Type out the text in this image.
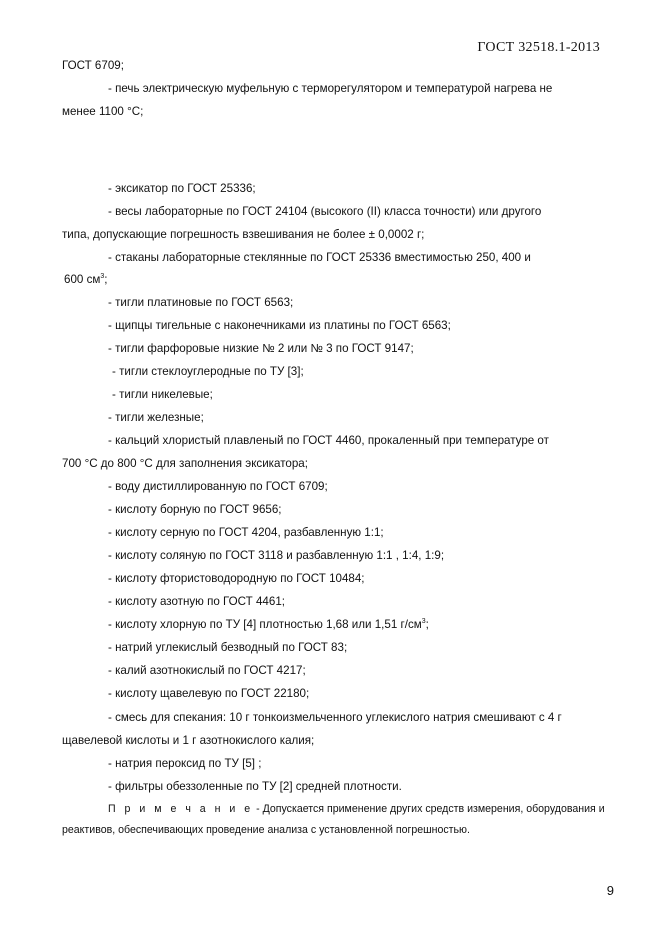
ГОСТ 32518.1-2013
ГОСТ 6709;
- печь электрическую муфельную с терморегулятором и температурой нагрева не
менее 1100 °С;
- эксикатор по ГОСТ 25336;
- весы лабораторные по ГОСТ 24104 (высокого (II) класса точности) или другого
типа, допускающие погрешность взвешивания не более ± 0,0002 г;
- стаканы лабораторные стеклянные по ГОСТ 25336 вместимостью 250, 400 и
600 $см^3$;
- тигли платиновые по ГОСТ 6563;
- щипцы тигельные с наконечниками из платины по ГОСТ 6563;
- тигли фарфоровые низкие № 2 или № 3 по ГОСТ 9147;
- тигли стеклоуглеродные по ТУ [3];
- тигли никелевые;
- тигли железные;
- кальций хлористый плавленый по ГОСТ 4460, прокаленный при температуре от
700 °С до 800 °С для заполнения эксикатора;
- воду дистиллированную по ГОСТ 6709;
- кислоту борную по ГОСТ 9656;
- кислоту серную по ГОСТ 4204, разбавленную 1:1;
- кислоту соляную по ГОСТ 3118 и разбавленную 1:1 , 1:4, 1:9;
- кислоту фтористоводородную по ГОСТ 10484;
- кислоту азотную по ГОСТ 4461;
- кислоту хлорную по ТУ [4] плотностью 1,68 или 1,51 $г/см^3$;
- натрий углекислый безводный по ГОСТ 83;
- калий азотнокислый по ГОСТ 4217;
- кислоту щавелевую по ГОСТ 22180;
- смесь для спекания: 10 г тонкоизмельченного углекислого натрия смешивают с 4 г
щавелевой кислоты и 1 г азотнокислого калия;
- натрия пероксид по ТУ [5] ;
- фильтры обеззоленные по ТУ [2] средней плотности.
П р и м е ч а н и е - Допускается применение других средств измерения, оборудования и
реактивов, обеспечивающих проведение анализа с установленной погрешностью.
9
